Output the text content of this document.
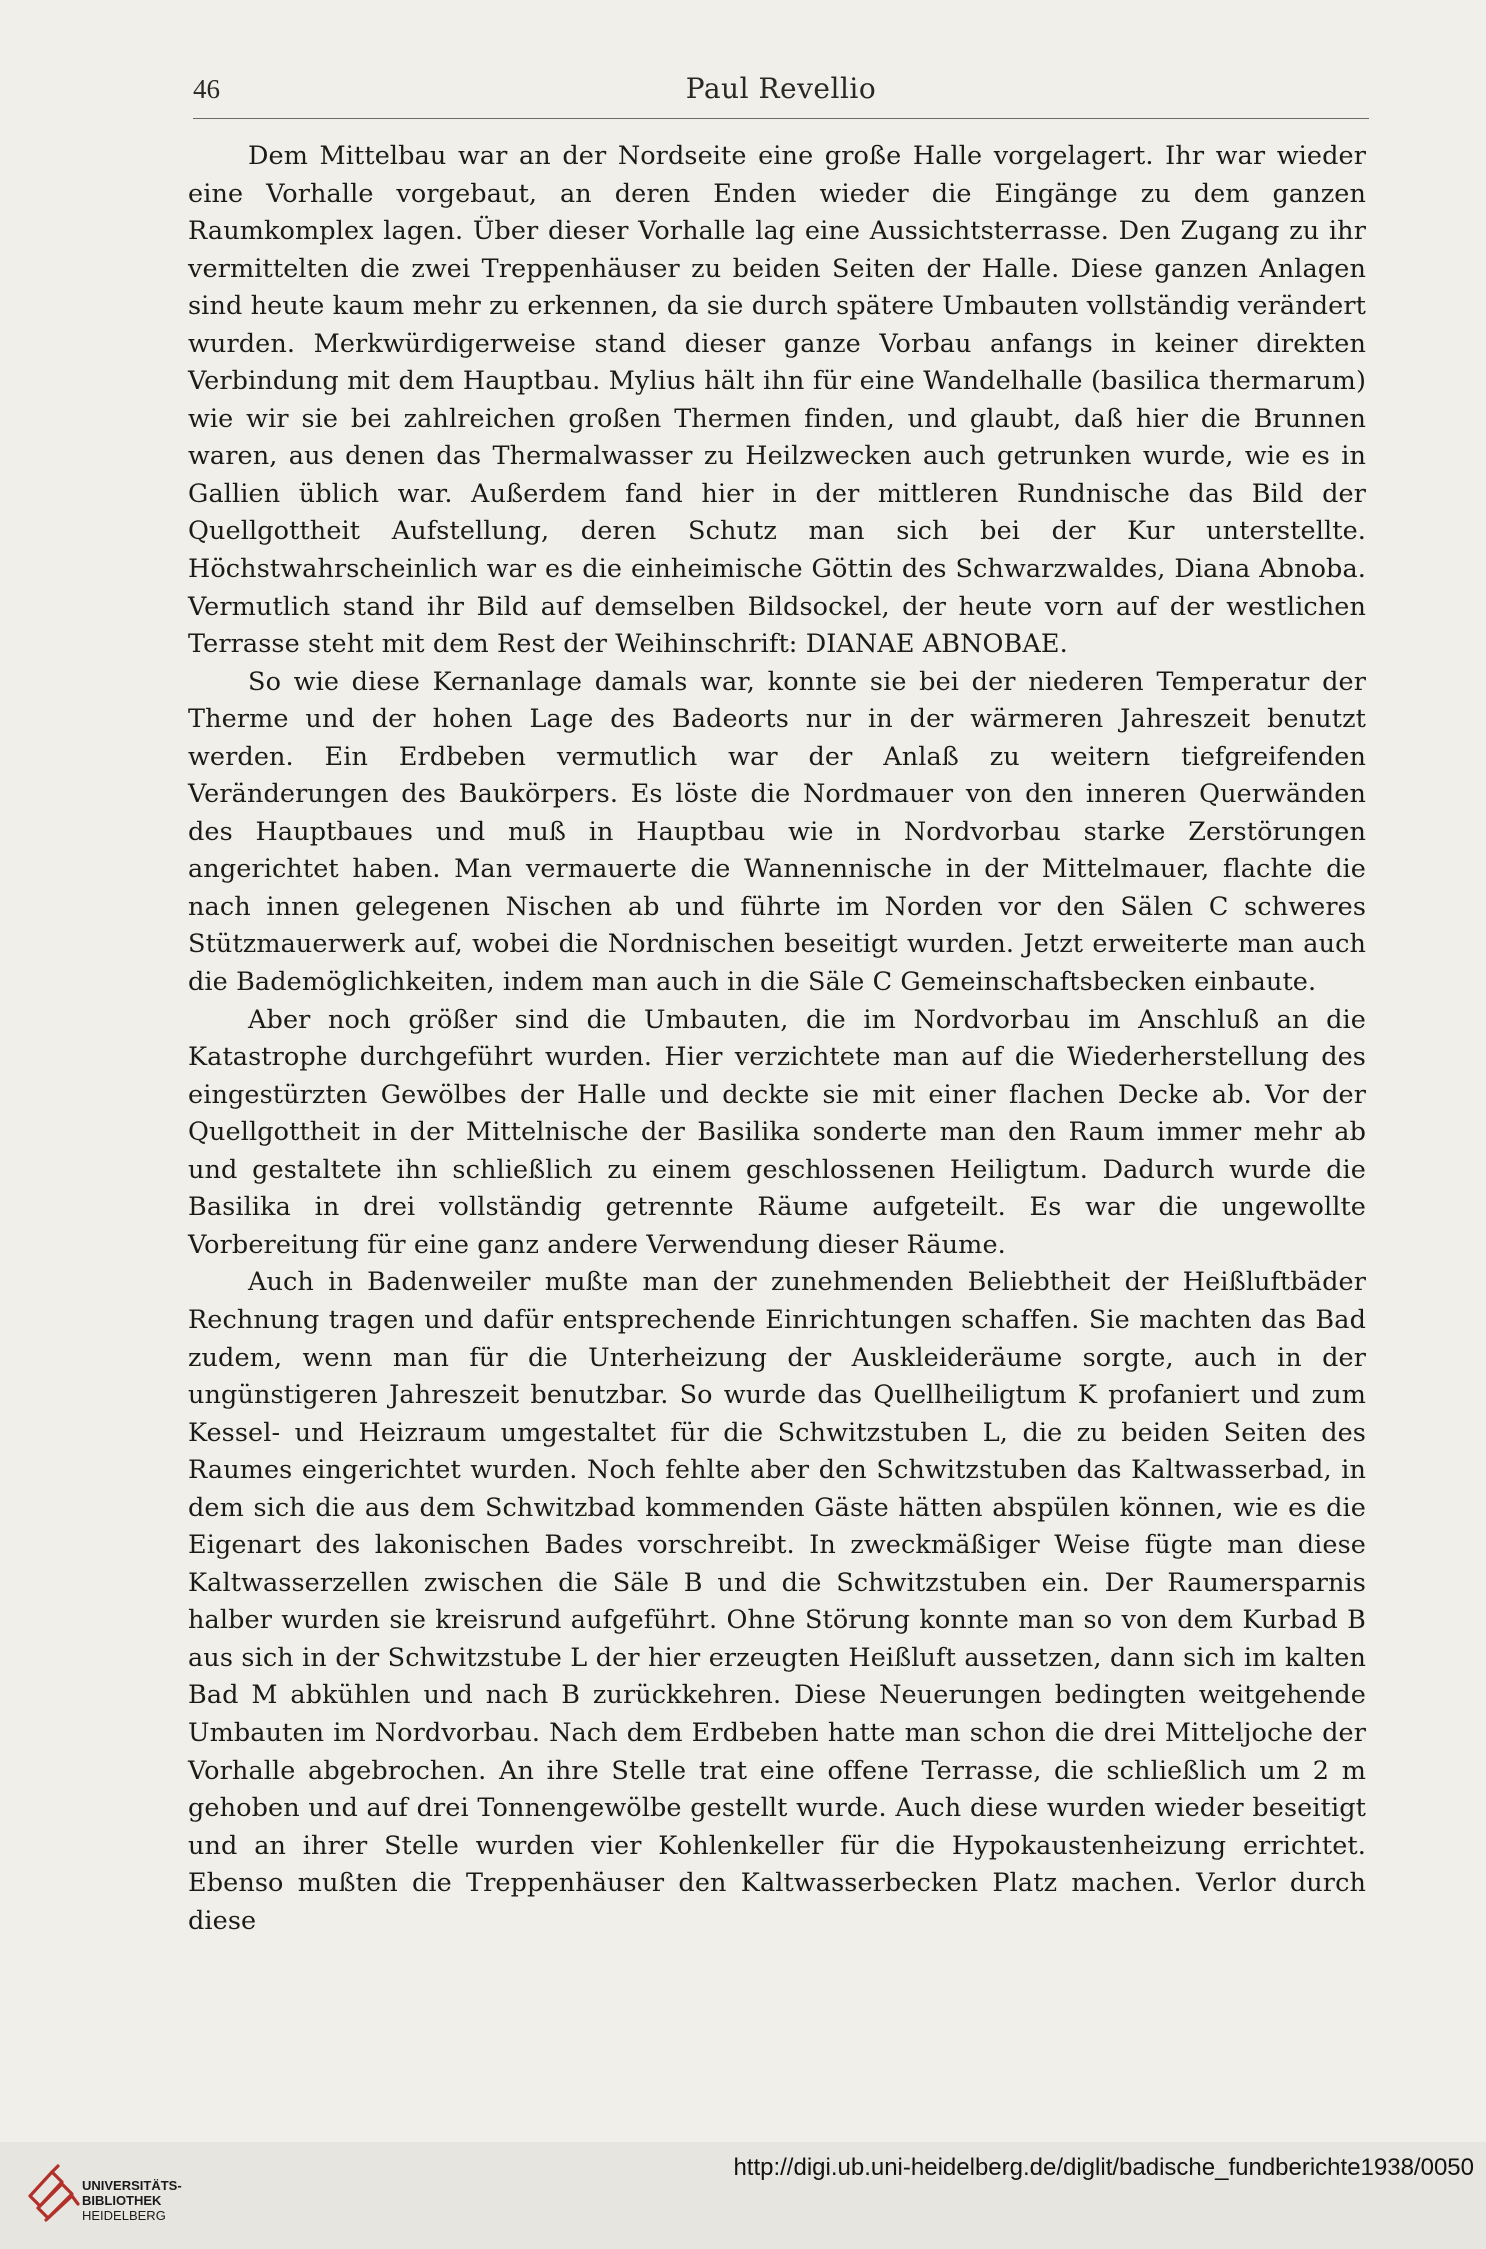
46	Paul Revellio

Dem Mittelbau war an der Nordseite eine große Halle vorgelagert. Ihr war wieder eine Vorhalle vorgebaut, an deren Enden wieder die Eingänge zu dem ganzen Raumkomplex lagen. Über dieser Vorhalle lag eine Aussichtsterrasse. Den Zugang zu ihr vermittelten die zwei Treppenhäuser zu beiden Seiten der Halle. Diese ganzen Anlagen sind heute kaum mehr zu erkennen, da sie durch spätere Umbauten vollständig verändert wurden. Merkwürdigerweise stand dieser ganze Vorbau anfangs in keiner direkten Verbindung mit dem Hauptbau. Mylius hält ihn für eine Wandelhalle (basilica thermarum) wie wir sie bei zahlreichen großen Thermen finden, und glaubt, daß hier die Brunnen waren, aus denen das Thermalwasser zu Heilzwecken auch getrunken wurde, wie es in Gallien üblich war. Außerdem fand hier in der mittleren Rundnische das Bild der Quellgottheit Aufstellung, deren Schutz man sich bei der Kur unterstellte. Höchstwahrscheinlich war es die einheimische Göttin des Schwarzwaldes, Diana Abnoba. Vermutlich stand ihr Bild auf demselben Bildsockel, der heute vorn auf der westlichen Terrasse steht mit dem Rest der Weihinschrift: DIANAE ABNOBAE.

So wie diese Kernanlage damals war, konnte sie bei der niederen Temperatur der Therme und der hohen Lage des Badeorts nur in der wärmeren Jahreszeit benutzt werden. Ein Erdbeben vermutlich war der Anlaß zu weitern tiefgreifenden Veränderungen des Baukörpers. Es löste die Nordmauer von den inneren Querwänden des Hauptbaues und muß in Hauptbau wie in Nordvorbau starke Zerstörungen angerichtet haben. Man vermauerte die Wannennische in der Mittelmauer, flachte die nach innen gelegenen Nischen ab und führte im Norden vor den Sälen C schweres Stützmauerwerk auf, wobei die Nordnischen beseitigt wurden. Jetzt erweiterte man auch die Bademöglichkeiten, indem man auch in die Säle C Gemeinschaftsbecken einbaute.

Aber noch größer sind die Umbauten, die im Nordvorbau im Anschluß an die Katastrophe durchgeführt wurden. Hier verzichtete man auf die Wiederherstellung des eingestürzten Gewölbes der Halle und deckte sie mit einer flachen Decke ab. Vor der Quellgottheit in der Mittelnische der Basilika sonderte man den Raum immer mehr ab und gestaltete ihn schließlich zu einem geschlossenen Heiligtum. Dadurch wurde die Basilika in drei vollständig getrennte Räume aufgeteilt. Es war die ungewollte Vorbereitung für eine ganz andere Verwendung dieser Räume.

Auch in Badenweiler mußte man der zunehmenden Beliebtheit der Heißluftbäder Rechnung tragen und dafür entsprechende Einrichtungen schaffen. Sie machten das Bad zudem, wenn man für die Unterheizung der Auskleideräume sorgte, auch in der ungünstigeren Jahreszeit benutzbar. So wurde das Quellheiligtum K profaniert und zum Kessel- und Heizraum umgestaltet für die Schwitzstuben L, die zu beiden Seiten des Raumes eingerichtet wurden. Noch fehlte aber den Schwitzstuben das Kaltwasserbad, in dem sich die aus dem Schwitzbad kommenden Gäste hätten abspülen können, wie es die Eigenart des lakonischen Bades vorschreibt. In zweckmäßiger Weise fügte man diese Kaltwasserzellen zwischen die Säle B und die Schwitzstuben ein. Der Raumersparnis halber wurden sie kreisrund aufgeführt. Ohne Störung konnte man so von dem Kurbad B aus sich in der Schwitzstube L der hier erzeugten Heißluft aussetzen, dann sich im kalten Bad M abkühlen und nach B zurückkehren. Diese Neuerungen bedingten weitgehende Umbauten im Nordvorbau. Nach dem Erdbeben hatte man schon die drei Mitteljoche der Vorhalle abgebrochen. An ihre Stelle trat eine offene Terrasse, die schließlich um 2 m gehoben und auf drei Tonnengewölbe gestellt wurde. Auch diese wurden wieder beseitigt und an ihrer Stelle wurden vier Kohlenkeller für die Hypokaustenheizung errichtet. Ebenso mußten die Treppenhäuser den Kaltwasserbecken Platz machen. Verlor durch diese

UNIVERSITÄTS-
BIBLIOTHEK
HEIDELBERG
http://digi.ub.uni-heidelberg.de/diglit/badische_fundberichte1938/0050
